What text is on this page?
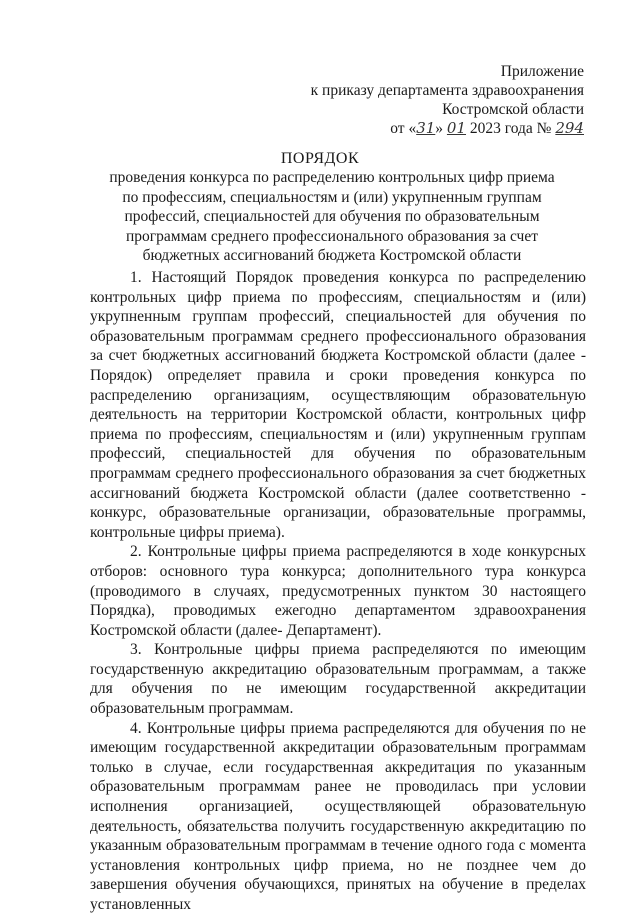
Приложение
к приказу департамента здравоохранения
Костромской области
от «31» 01 2023 года № 294
ПОРЯДОК
проведения конкурса по распределению контрольных цифр приема по профессиям, специальностям и (или) укрупненным группам профессий, специальностей для обучения по образовательным программам среднего профессионального образования за счет бюджетных ассигнований бюджета Костромской области

1. Настоящий Порядок проведения конкурса по распределению контрольных цифр приема по профессиям, специальностям и (или) укрупненным группам профессий, специальностей для обучения по образовательным программам среднего профессионального образования за счет бюджетных ассигнований бюджета Костромской области (далее - Порядок) определяет правила и сроки проведения конкурса по распределению организациям, осуществляющим образовательную деятельность на территории Костромской области, контрольных цифр приема по профессиям, специальностям и (или) укрупненным группам профессий, специальностей для обучения по образовательным программам среднего профессионального образования за счет бюджетных ассигнований бюджета Костромской области (далее соответственно - конкурс, образовательные организации, образовательные программы, контрольные цифры приема).

2. Контрольные цифры приема распределяются в ходе конкурсных отборов: основного тура конкурса; дополнительного тура конкурса (проводимого в случаях, предусмотренных пунктом 30 настоящего Порядка), проводимых ежегодно департаментом здравоохранения Костромской области (далее- Департамент).

3. Контрольные цифры приема распределяются по имеющим государственную аккредитацию образовательным программам, а также для обучения по не имеющим государственной аккредитации образовательным программам.

4. Контрольные цифры приема распределяются для обучения по не имеющим государственной аккредитации образовательным программам только в случае, если государственная аккредитация по указанным образовательным программам ранее не проводилась при условии исполнения организацией, осуществляющей образовательную деятельность, обязательства получить государственную аккредитацию по указанным образовательным программам в течение одного года с момента установления контрольных цифр приема, но не позднее чем до завершения обучения обучающихся, принятых на обучение в пределах установленных
